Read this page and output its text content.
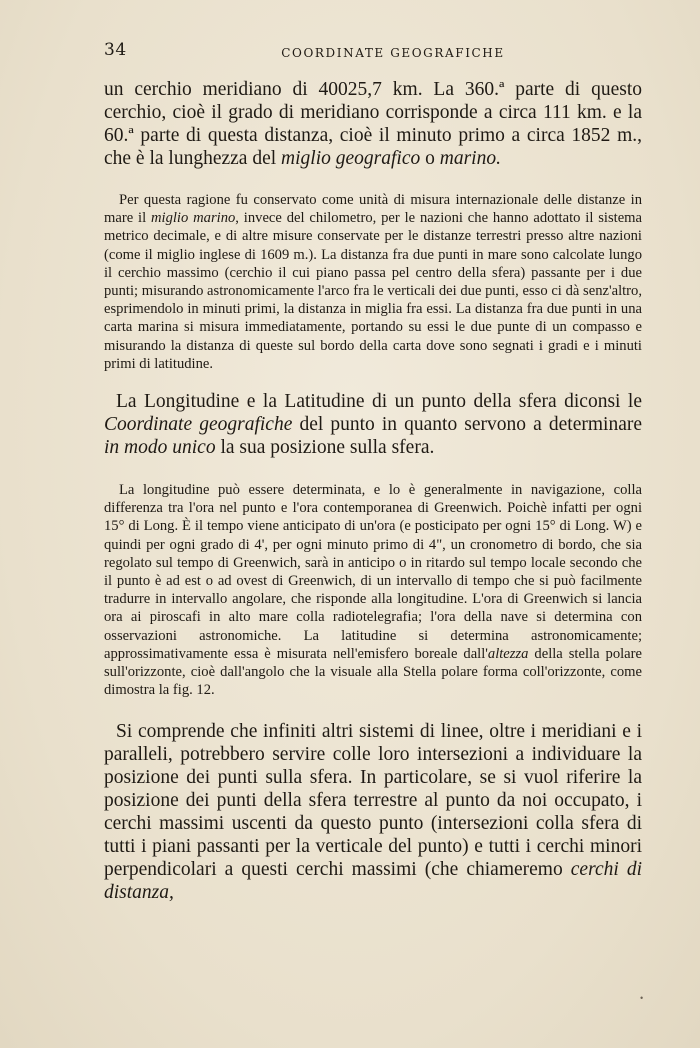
34	COORDINATE GEOGRAFICHE

un cerchio meridiano di 40025,7 km. La 360.ª parte di questo cerchio, cioè il grado di meridiano corrisponde a circa 111 km. e la 60.ª parte di questa distanza, cioè il minuto primo a circa 1852 m., che è la lunghezza del miglio geografico o marino.

Per questa ragione fu conservato come unità di misura internazionale delle distanze in mare il miglio marino, invece del chilometro, per le nazioni che hanno adottato il sistema metrico decimale, e di altre misure conservate per le distanze terrestri presso altre nazioni (come il miglio inglese di 1609 m.). La distanza fra due punti in mare sono calcolate lungo il cerchio massimo (cerchio il cui piano passa pel centro della sfera) passante per i due punti; misurando astronomicamente l'arco fra le verticali dei due punti, esso ci dà senz'altro, esprimendolo in minuti primi, la distanza in miglia fra essi. La distanza fra due punti in una carta marina si misura immediatamente, portando su essi le due punte di un compasso e misurando la distanza di queste sul bordo della carta dove sono segnati i gradi e i minuti primi di latitudine.

La Longitudine e la Latitudine di un punto della sfera diconsi le Coordinate geografiche del punto in quanto servono a determinare in modo unico la sua posizione sulla sfera.

La longitudine può essere determinata, e lo è generalmente in navigazione, colla differenza tra l'ora nel punto e l'ora contemporanea di Greenwich. Poichè infatti per ogni 15° di Long. È il tempo viene anticipato di un'ora (e posticipato per ogni 15° di Long. W) e quindi per ogni grado di 4', per ogni minuto primo di 4", un cronometro di bordo, che sia regolato sul tempo di Greenwich, sarà in anticipo o in ritardo sul tempo locale secondo che il punto è ad est o ad ovest di Greenwich, di un intervallo di tempo che si può facilmente tradurre in intervallo angolare, che risponde alla longitudine. L'ora di Greenwich si lancia ora ai piroscafi in alto mare colla radiotelegrafia; l'ora della nave si determina con osservazioni astronomiche. La latitudine si determina astronomicamente; approssimativamente essa è misurata nell'emisfero boreale dall'altezza della stella polare sull'orizzonte, cioè dall'angolo che la visuale alla Stella polare forma coll'orizzonte, come dimostra la fig. 12.

Si comprende che infiniti altri sistemi di linee, oltre i meridiani e i paralleli, potrebbero servire colle loro intersezioni a individuare la posizione dei punti sulla sfera. In particolare, se si vuol riferire la posizione dei punti della sfera terrestre al punto da noi occupato, i cerchi massimi uscenti da questo punto (intersezioni colla sfera di tutti i piani passanti per la verticale del punto) e tutti i cerchi minori perpendicolari a questi cerchi massimi (che chiameremo cerchi di distanza,

•
